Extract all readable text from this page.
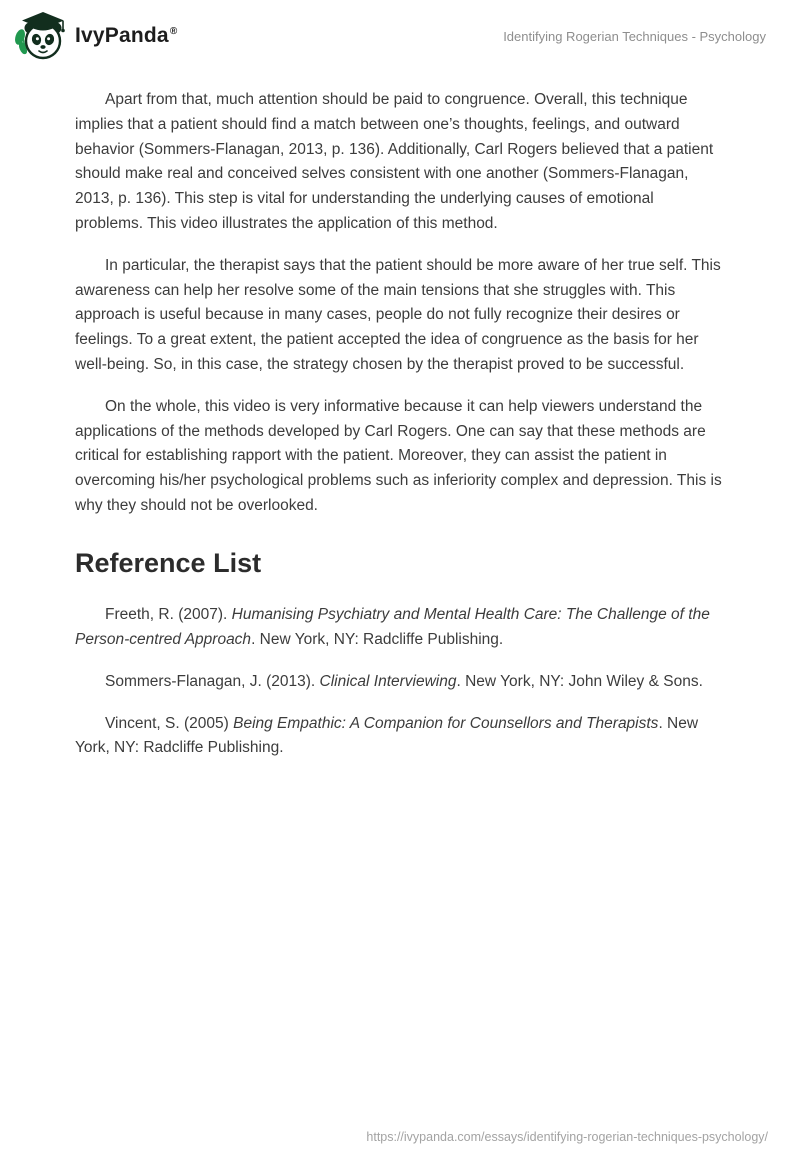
IvyPanda®	Identifying Rogerian Techniques - Psychology

Apart from that, much attention should be paid to congruence. Overall, this technique implies that a patient should find a match between one’s thoughts, feelings, and outward behavior (Sommers-Flanagan, 2013, p. 136). Additionally, Carl Rogers believed that a patient should make real and conceived selves consistent with one another (Sommers-Flanagan, 2013, p. 136). This step is vital for understanding the underlying causes of emotional problems. This video illustrates the application of this method.

In particular, the therapist says that the patient should be more aware of her true self. This awareness can help her resolve some of the main tensions that she struggles with. This approach is useful because in many cases, people do not fully recognize their desires or feelings. To a great extent, the patient accepted the idea of congruence as the basis for her well-being. So, in this case, the strategy chosen by the therapist proved to be successful.

On the whole, this video is very informative because it can help viewers understand the applications of the methods developed by Carl Rogers. One can say that these methods are critical for establishing rapport with the patient. Moreover, they can assist the patient in overcoming his/her psychological problems such as inferiority complex and depression. This is why they should not be overlooked.

Reference List

Freeth, R. (2007). Humanising Psychiatry and Mental Health Care: The Challenge of the Person-centred Approach. New York, NY: Radcliffe Publishing.

Sommers-Flanagan, J. (2013). Clinical Interviewing. New York, NY: John Wiley & Sons.

Vincent, S. (2005) Being Empathic: A Companion for Counsellors and Therapists. New York, NY: Radcliffe Publishing.

https://ivypanda.com/essays/identifying-rogerian-techniques-psychology/
